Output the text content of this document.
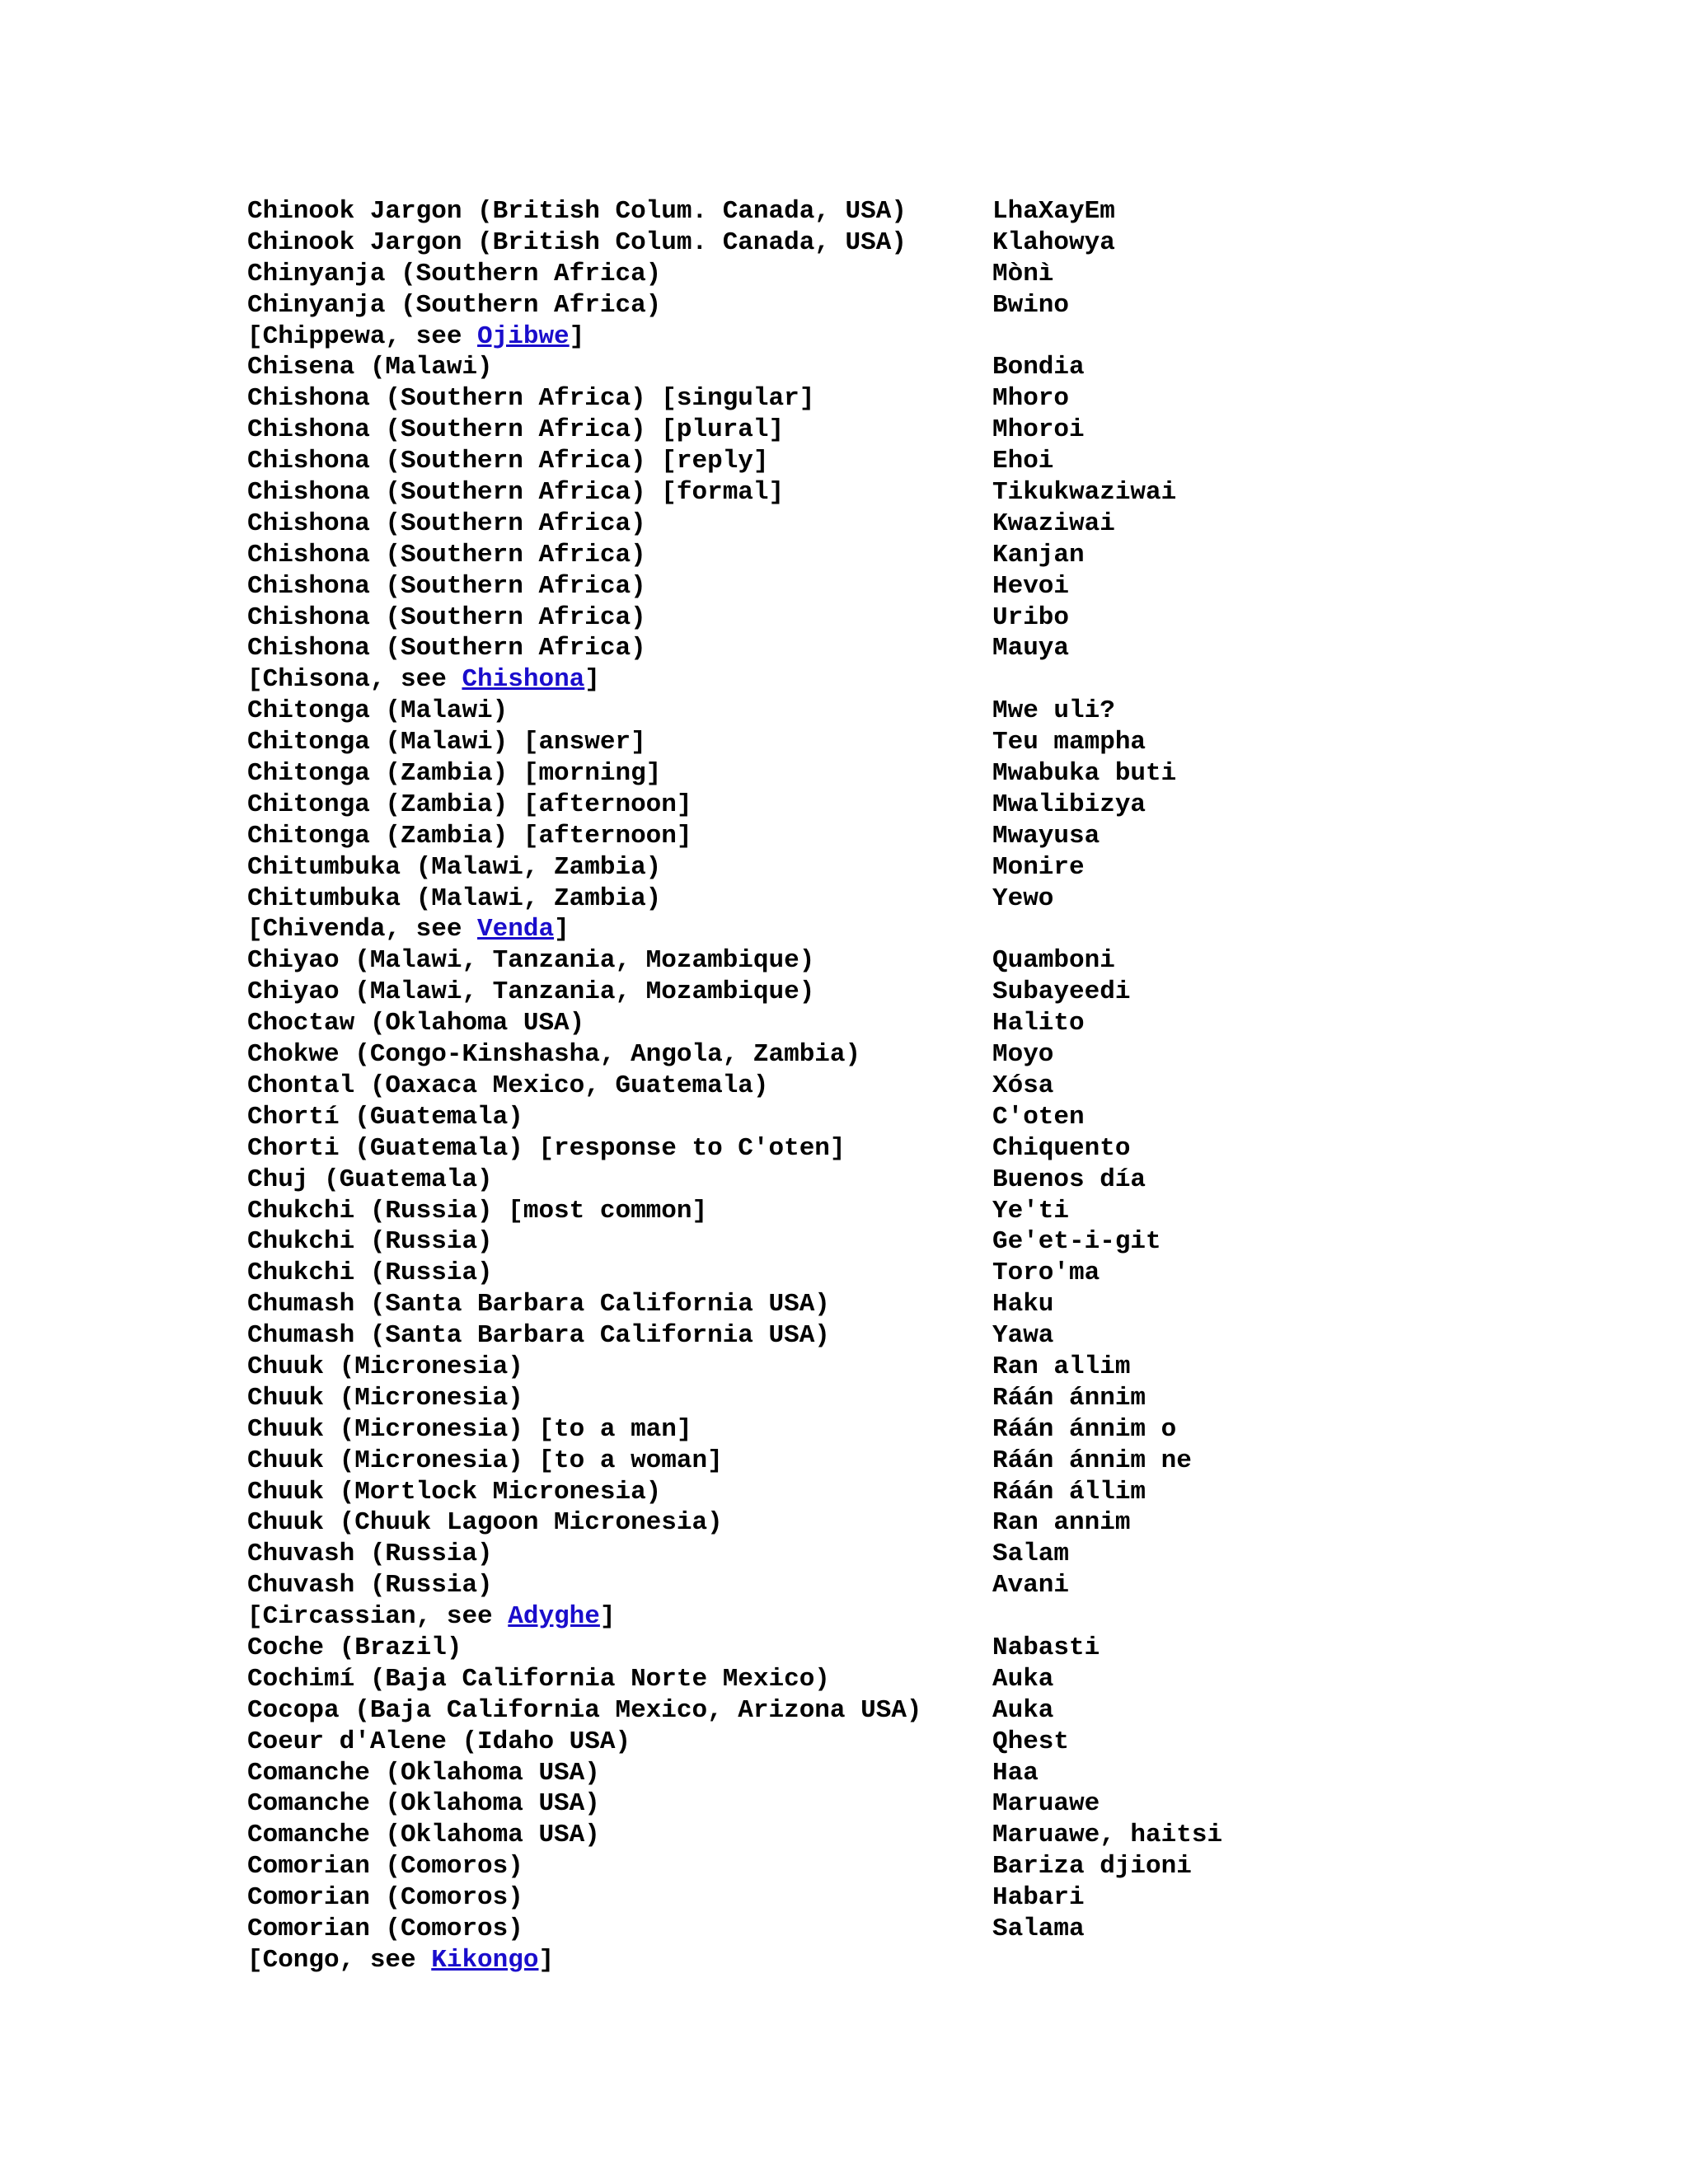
Chinook Jargon (British Colum. Canada, USA)	LhaXayEm
Chinook Jargon (British Colum. Canada, USA)	Klahowya
Chinyanja (Southern Africa)	Mònì
Chinyanja (Southern Africa)	Bwino
[Chippewa, see Ojibwe]
Chisena (Malawi)	Bondia
Chishona (Southern Africa) [singular]	Mhoro
Chishona (Southern Africa) [plural]	Mhoroi
Chishona (Southern Africa) [reply]	Ehoi
Chishona (Southern Africa) [formal]	Tikukwaziwai
Chishona (Southern Africa)	Kwaziwai
Chishona (Southern Africa)	Kanjan
Chishona (Southern Africa)	Hevoi
Chishona (Southern Africa)	Uribo
Chishona (Southern Africa)	Mauya
[Chisona, see Chishona]
Chitonga (Malawi)	Mwe uli?
Chitonga (Malawi) [answer]	Teu mampha
Chitonga (Zambia) [morning]	Mwabuka buti
Chitonga (Zambia) [afternoon]	Mwalibizya
Chitonga (Zambia) [afternoon]	Mwayusa
Chitumbuka (Malawi, Zambia)	Monire
Chitumbuka (Malawi, Zambia)	Yewo
[Chivenda, see Venda]
Chiyao (Malawi, Tanzania, Mozambique)	Quamboni
Chiyao (Malawi, Tanzania, Mozambique)	Subayeedi
Choctaw (Oklahoma USA)	Halito
Chokwe (Congo-Kinshasha, Angola, Zambia)	Moyo
Chontal (Oaxaca Mexico, Guatemala)	Xósa
Chortí (Guatemala)	C'oten
Chorti (Guatemala) [response to C'oten]	Chiquento
Chuj (Guatemala)	Buenos día
Chukchi (Russia) [most common]	Ye'ti
Chukchi (Russia)	Ge'et-i-git
Chukchi (Russia)	Toro'ma
Chumash (Santa Barbara California USA)	Haku
Chumash (Santa Barbara California USA)	Yawa
Chuuk (Micronesia)	Ran allim
Chuuk (Micronesia)	Ráán ánnim
Chuuk (Micronesia) [to a man]	Ráán ánnim o
Chuuk (Micronesia) [to a woman]	Ráán ánnim ne
Chuuk (Mortlock Micronesia)	Ráán állim
Chuuk (Chuuk Lagoon Micronesia)	Ran annim
Chuvash (Russia)	Salam
Chuvash (Russia)	Avani
[Circassian, see Adyghe]
Coche (Brazil)	Nabasti
Cochimí (Baja California Norte Mexico)	Auka
Cocopa (Baja California Mexico, Arizona USA)	Auka
Coeur d'Alene (Idaho USA)	Qhest
Comanche (Oklahoma USA)	Haa
Comanche (Oklahoma USA)	Maruawe
Comanche (Oklahoma USA)	Maruawe, haitsi
Comorian (Comoros)	Bariza djioni
Comorian (Comoros)	Habari
Comorian (Comoros)	Salama
[Congo, see Kikongo]
